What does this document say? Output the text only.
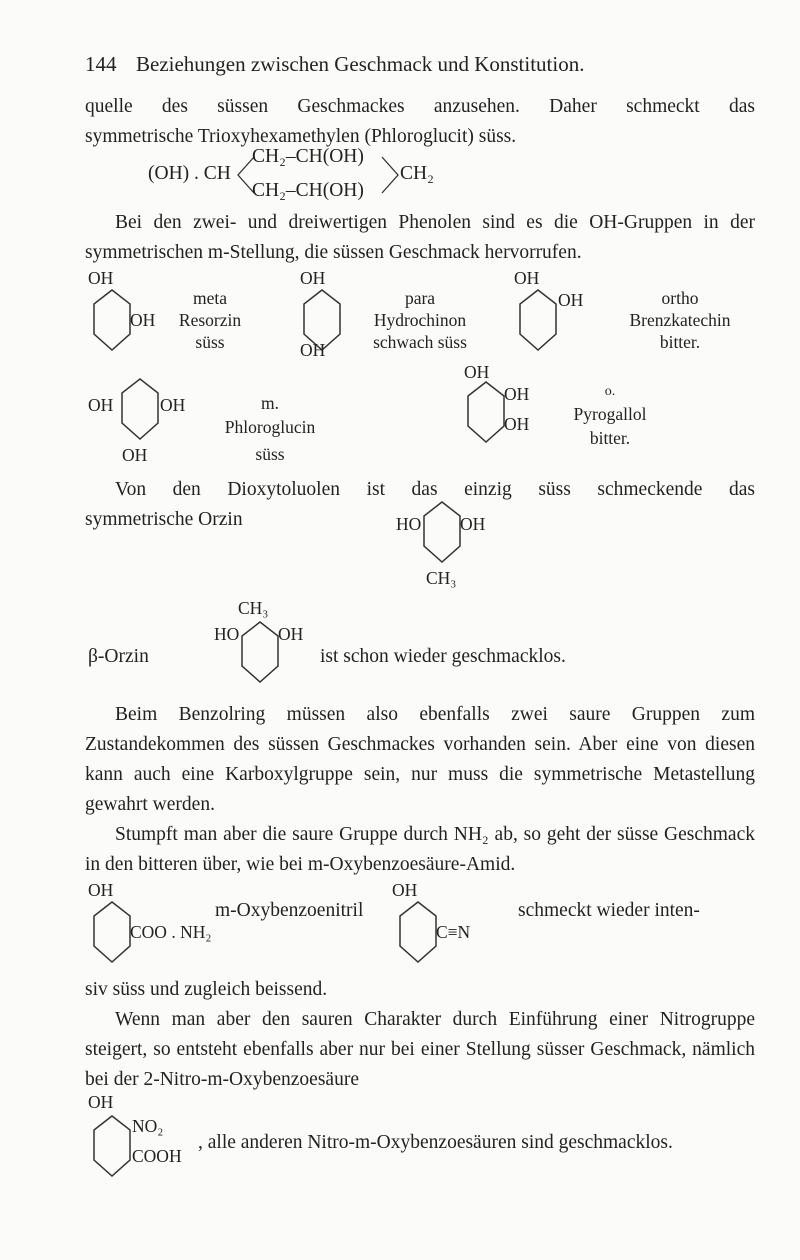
144 Beziehungen zwischen Geschmack und Konstitution.
quelle des süssen Geschmackes anzusehen. Daher schmeckt das
symmetrische Trioxyhexamethylen (Phloroglucit) süss.
(OH) . CH
CH₂–CH(OH)
CH₂–CH(OH)
CH₂
Bei den zwei- und dreiwertigen Phenolen sind es die OH-Gruppen in der symmetrischen m-Stellung, die süssen Geschmack hervorrufen.
OH
OH
meta
Resorzin
süss
OH
OH
para
Hydrochinon
schwach süss
OH
OH	ortho
Brenzkatechin
bitter.
OH	OH
OH
m.
Phloroglucin
süss
OH
OH
OH
o.
Pyrogallol
bitter.
Von den Dioxytoluolen ist das einzig süss schmeckende das
symmetrische Orzin	HO OH
CH₃
CH₃
HO OH
β-Orzin	ist schon wieder geschmacklos.
Beim Benzolring müssen also ebenfalls zwei saure Gruppen zum Zustandekommen des süssen Geschmackes vorhanden sein. Aber eine von diesen kann auch eine Karboxylgruppe sein, nur muss die symmetrische Metastellung gewahrt werden.
Stumpft man aber die saure Gruppe durch NH₂ ab, so geht der süsse Geschmack in den bitteren über, wie bei m-Oxybenzoesäure-Amid.
OH
COO . NH₂
m-Oxybenzoenitril
OH
C≡N
schmeckt wieder inten-
siv süss und zugleich beissend.
Wenn man aber den sauren Charakter durch Einführung einer Nitrogruppe steigert, so entsteht ebenfalls aber nur bei einer Stellung süsser Geschmack, nämlich bei der 2-Nitro-m-Oxybenzoesäure
OH
NO₂
COOH
, alle anderen Nitro-m-Oxybenzoesäuren sind geschmacklos.
